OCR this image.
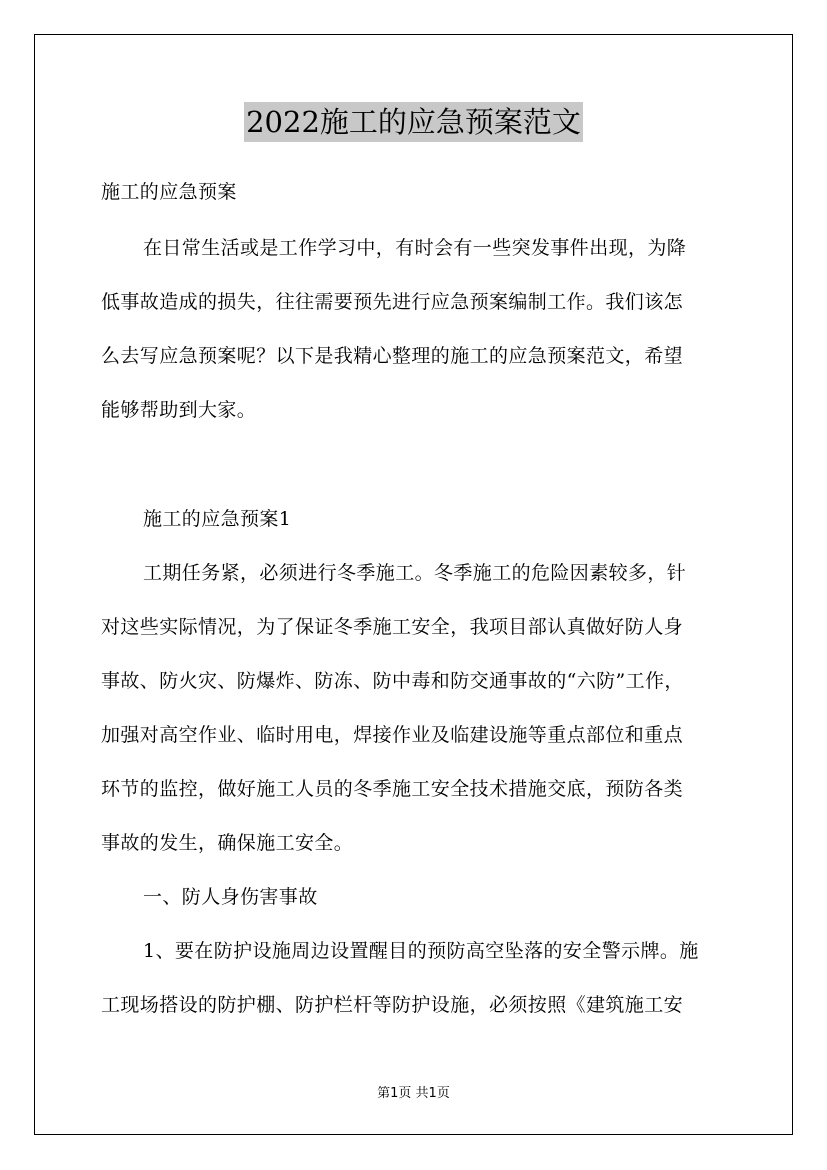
2022施工的应急预案范文

施工的应急预案

在日常生活或是工作学习中，有时会有一些突发事件出现，为降
低事故造成的损失，往往需要预先进行应急预案编制工作。我们该怎
么去写应急预案呢？以下是我精心整理的施工的应急预案范文，希望
能够帮助到大家。

施工的应急预案1

工期任务紧，必须进行冬季施工。冬季施工的危险因素较多，针
对这些实际情况，为了保证冬季施工安全，我项目部认真做好防人身
事故、防火灾、防爆炸、防冻、防中毒和防交通事故的“六防”工作，
加强对高空作业、临时用电，焊接作业及临建设施等重点部位和重点
环节的监控，做好施工人员的冬季施工安全技术措施交底，预防各类
事故的发生，确保施工安全。

一、防人身伤害事故

1、要在防护设施周边设置醒目的预防高空坠落的安全警示牌。施
工现场搭设的防护棚、防护栏杆等防护设施，必须按照《建筑施工安

第1页 共1页
